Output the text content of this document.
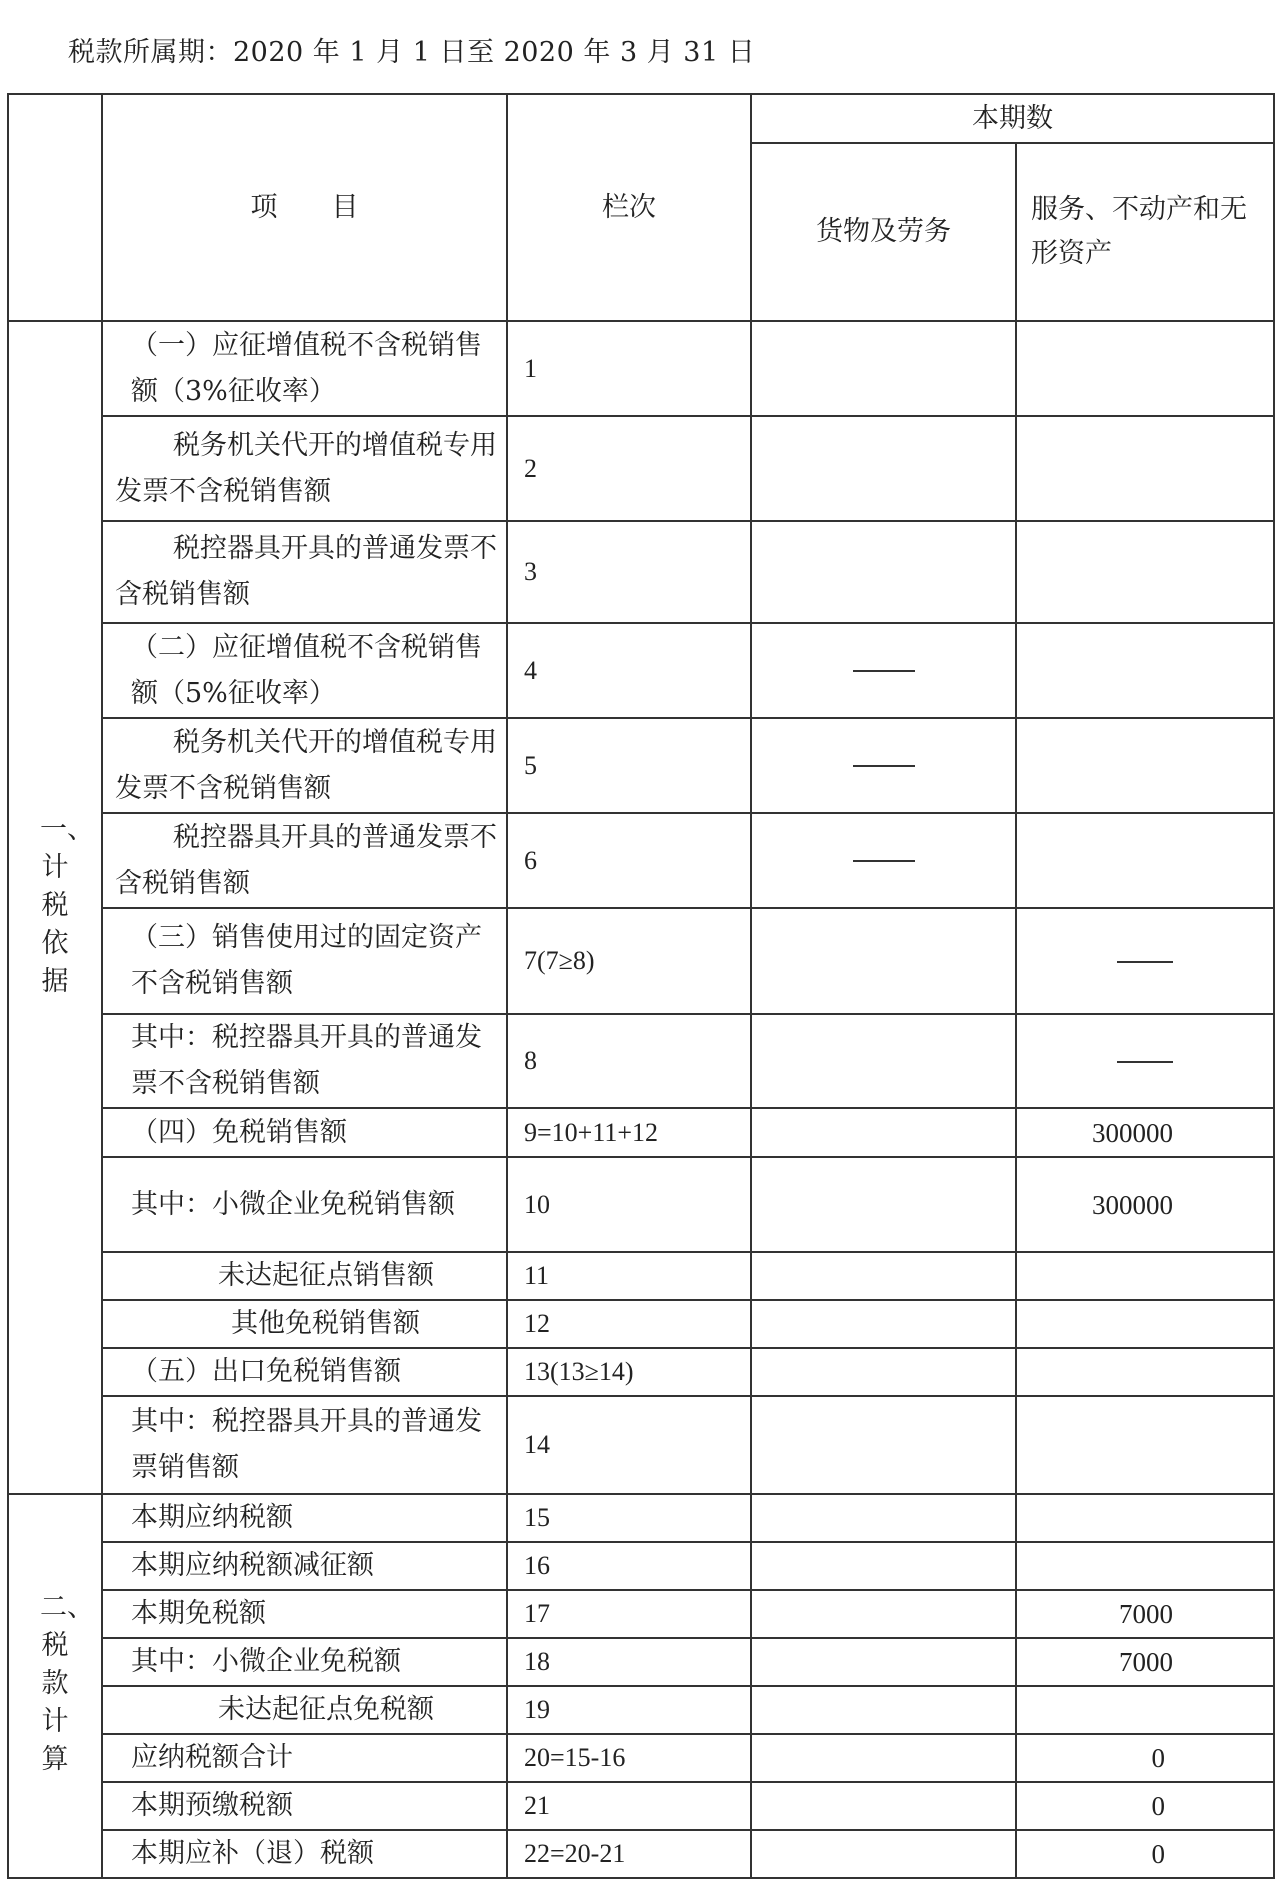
税款所属期：2020 年 1 月 1 日至 2020 年 3 月 31 日
	项　　目	栏次	本期数	
			货物及劳务	服务、不动产和无形资产
一、计税依据	（一）应征增值税不含税销售额（3%征收率）	1		
	税务机关代开的增值税专用发票不含税销售额	2		
	税控器具开具的普通发票不含税销售额	3		
	（二）应征增值税不含税销售额（5%征收率）	4		
	税务机关代开的增值税专用发票不含税销售额	5		
	税控器具开具的普通发票不含税销售额	6		
	（三）销售使用过的固定资产不含税销售额	7(7≥8)		
	其中：税控器具开具的普通发票不含税销售额	8		
	（四）免税销售额	9=10+11+12		300000
	其中：小微企业免税销售额	10		300000
	未达起征点销售额	11		
	其他免税销售额	12		
	（五）出口免税销售额	13(13≥14)		
	其中：税控器具开具的普通发票销售额	14		
二、税款计算	本期应纳税额	15		
	本期应纳税额减征额	16		
	本期免税额	17		7000
	其中：小微企业免税额	18		7000
	未达起征点免税额	19		
	应纳税额合计	20=15-16		0
	本期预缴税额	21		0
	本期应补（退）税额	22=20-21		0
